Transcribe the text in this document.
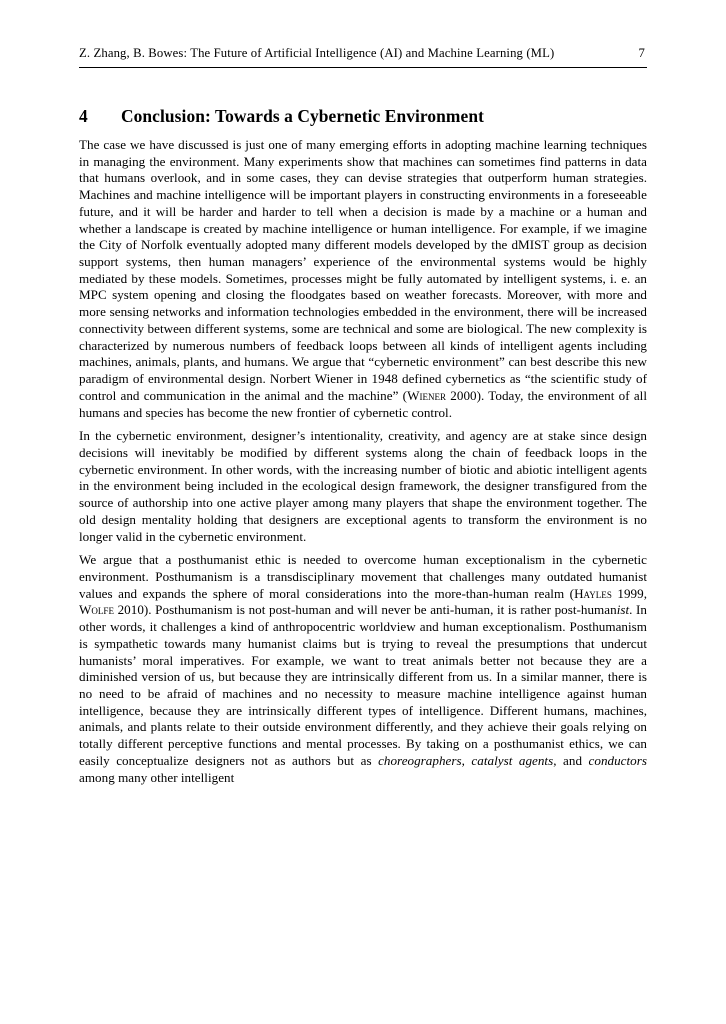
Z. Zhang, B. Bowes: The Future of Artificial Intelligence (AI) and Machine Learning (ML)	7
4 Conclusion: Towards a Cybernetic Environment

The case we have discussed is just one of many emerging efforts in adopting machine learning techniques in managing the environment. Many experiments show that machines can sometimes find patterns in data that humans overlook, and in some cases, they can devise strategies that outperform human strategies. Machines and machine intelligence will be important players in constructing environments in a foreseeable future, and it will be harder and harder to tell when a decision is made by a machine or a human and whether a landscape is created by machine intelligence or human intelligence. For example, if we imagine the City of Norfolk eventually adopted many different models developed by the dMIST group as decision support systems, then human managers’ experience of the environmental systems would be highly mediated by these models. Sometimes, processes might be fully automated by intelligent systems, i. e. an MPC system opening and closing the floodgates based on weather forecasts. Moreover, with more and more sensing networks and information technologies embedded in the environment, there will be increased connectivity between different systems, some are technical and some are biological. The new complexity is characterized by numerous numbers of feedback loops between all kinds of intelligent agents including machines, animals, plants, and humans. We argue that “cybernetic environment” can best describe this new paradigm of environmental design. Norbert Wiener in 1948 defined cybernetics as “the scientific study of control and communication in the animal and the machine” (Wiener 2000). Today, the environment of all humans and species has become the new frontier of cybernetic control.

In the cybernetic environment, designer’s intentionality, creativity, and agency are at stake since design decisions will inevitably be modified by different systems along the chain of feedback loops in the cybernetic environment. In other words, with the increasing number of biotic and abiotic intelligent agents in the environment being included in the ecological design framework, the designer transfigured from the source of authorship into one active player among many players that shape the environment together. The old design mentality holding that designers are exceptional agents to transform the environment is no longer valid in the cybernetic environment.

We argue that a posthumanist ethic is needed to overcome human exceptionalism in the cybernetic environment. Posthumanism is a transdisciplinary movement that challenges many outdated humanist values and expands the sphere of moral considerations into the more-than-human realm (Hayles 1999, Wolfe 2010). Posthumanism is not post-human and will never be anti-human, it is rather post-humanist. In other words, it challenges a kind of anthropocentric worldview and human exceptionalism. Posthumanism is sympathetic towards many humanist claims but is trying to reveal the presumptions that undercut humanists’ moral imperatives. For example, we want to treat animals better not because they are a diminished version of us, but because they are intrinsically different from us. In a similar manner, there is no need to be afraid of machines and no necessity to measure machine intelligence against human intelligence, because they are intrinsically different types of intelligence. Different humans, machines, animals, and plants relate to their outside environment differently, and they achieve their goals relying on totally different perceptive functions and mental processes. By taking on a posthumanist ethics, we can easily conceptualize designers not as authors but as choreographers, catalyst agents, and conductors among many other intelligent
